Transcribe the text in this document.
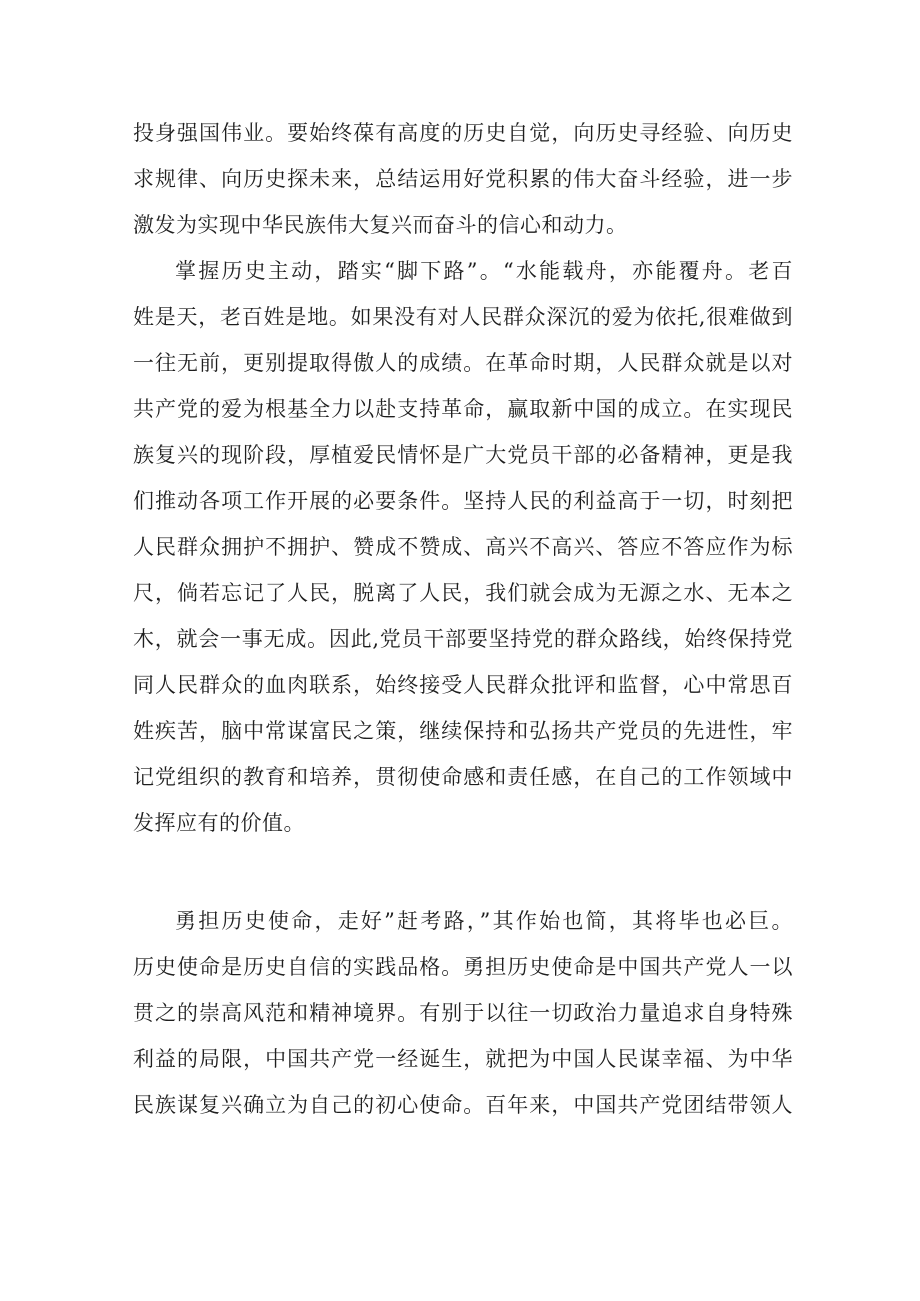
投身强国伟业。要始终葆有高度的历史自觉，向历史寻经验、向历史
求规律、向历史探未来，总结运用好党积累的伟大奋斗经验，进一步
激发为实现中华民族伟大复兴而奋斗的信心和动力。
掌握历史主动，踏实“脚下路”。“水能载舟，亦能覆舟。老百
姓是天，老百姓是地。如果没有对人民群众深沉的爱为依托,很难做到
一往无前，更别提取得傲人的成绩。在革命时期，人民群众就是以对
共产党的爱为根基全力以赴支持革命，赢取新中国的成立。在实现民
族复兴的现阶段，厚植爱民情怀是广大党员干部的必备精神，更是我
们推动各项工作开展的必要条件。坚持人民的利益高于一切，时刻把
人民群众拥护不拥护、赞成不赞成、高兴不高兴、答应不答应作为标
尺，倘若忘记了人民，脱离了人民，我们就会成为无源之水、无本之
木，就会一事无成。因此,党员干部要坚持党的群众路线，始终保持党
同人民群众的血肉联系，始终接受人民群众批评和监督，心中常思百
姓疾苦，脑中常谋富民之策，继续保持和弘扬共产党员的先进性，牢
记党组织的教育和培养，贯彻使命感和责任感，在自己的工作领域中
发挥应有的价值。
勇担历史使命，走好”赶考路，”其作始也简，其将毕也必巨。
历史使命是历史自信的实践品格。勇担历史使命是中国共产党人一以
贯之的崇高风范和精神境界。有别于以往一切政治力量追求自身特殊
利益的局限，中国共产党一经诞生，就把为中国人民谋幸福、为中华
民族谋复兴确立为自己的初心使命。百年来，中国共产党团结带领人
